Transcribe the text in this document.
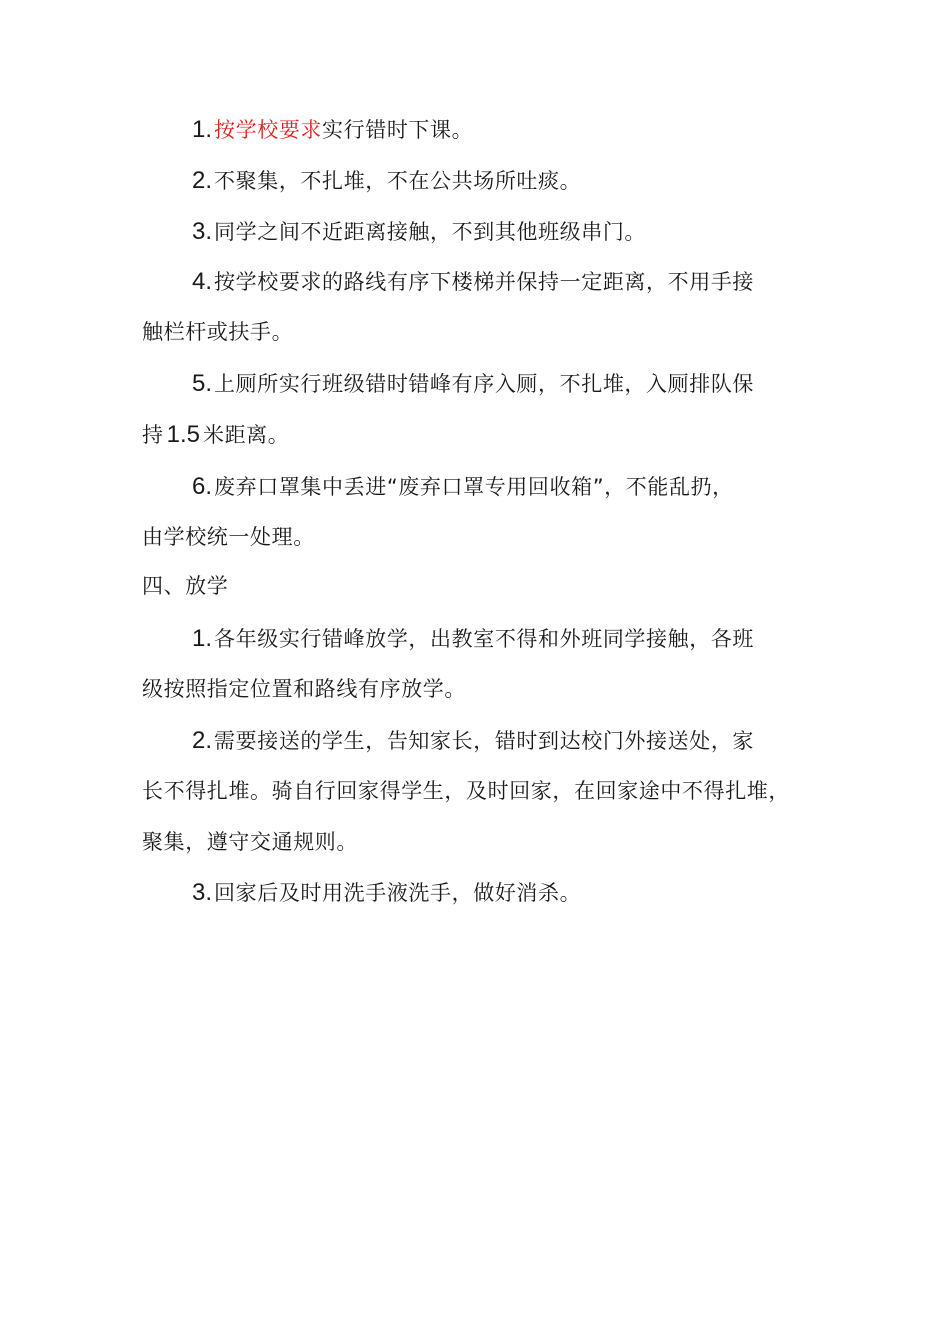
1.按学校要求实行错时下课。
2.不聚集，不扎堆，不在公共场所吐痰。
3.同学之间不近距离接触，不到其他班级串门。
4.按学校要求的路线有序下楼梯并保持一定距离，不用手接
触栏杆或扶手。
5.上厕所实行班级错时错峰有序入厕，不扎堆，入厕排队保
持 1.5 米距离。
6.废弃口罩集中丢进“废弃口罩专用回收箱”，不能乱扔，
由学校统一处理。
四、放学
1.各年级实行错峰放学，出教室不得和外班同学接触，各班
级按照指定位置和路线有序放学。
2.需要接送的学生，告知家长，错时到达校门外接送处，家
长不得扎堆。骑自行回家得学生，及时回家，在回家途中不得扎堆，
聚集，遵守交通规则。
3.回家后及时用洗手液洗手，做好消杀。
